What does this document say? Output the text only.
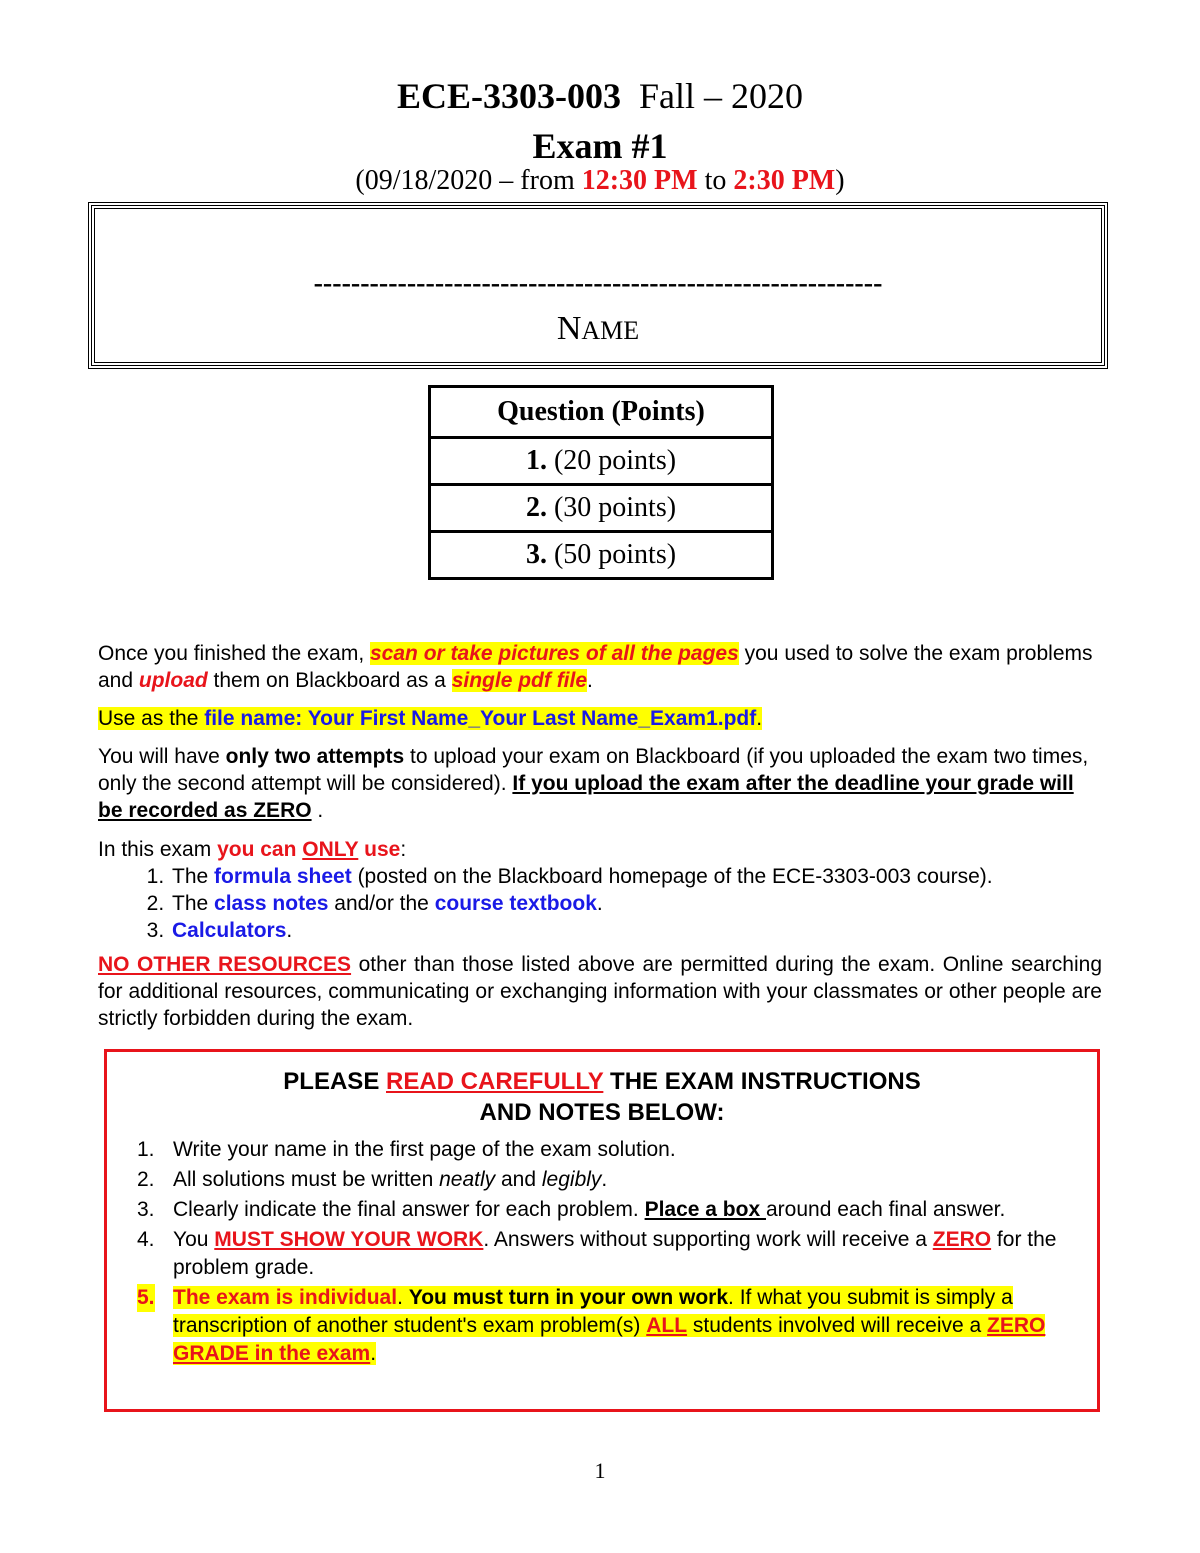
ECE-3303-003 Fall – 2020
Exam #1
(09/18/2020 – from 12:30 PM to 2:30 PM)
-------------------------------------------------------------
NAME
Question (Points)
1. (20 points)
2. (30 points)
3. (50 points)
Once you finished the exam, scan or take pictures of all the pages you used to solve the exam problems and upload them on Blackboard as a single pdf file.
Use as the file name: Your First Name_Your Last Name_Exam1.pdf.
You will have only two attempts to upload your exam on Blackboard (if you uploaded the exam two times, only the second attempt will be considered). If you upload the exam after the deadline your grade will be recorded as ZERO .
In this exam you can ONLY use:
1. The formula sheet (posted on the Blackboard homepage of the ECE-3303-003 course).
2. The class notes and/or the course textbook.
3. Calculators.
NO OTHER RESOURCES other than those listed above are permitted during the exam. Online searching for additional resources, communicating or exchanging information with your classmates or other people are strictly forbidden during the exam.
PLEASE READ CAREFULLY THE EXAM INSTRUCTIONS
AND NOTES BELOW:
1. Write your name in the first page of the exam solution.
2. All solutions must be written neatly and legibly.
3. Clearly indicate the final answer for each problem. Place a box around each final answer.
4. You MUST SHOW YOUR WORK. Answers without supporting work will receive a ZERO for the problem grade.
5. The exam is individual. You must turn in your own work. If what you submit is simply a transcription of another student's exam problem(s) ALL students involved will receive a ZERO GRADE in the exam.
1
